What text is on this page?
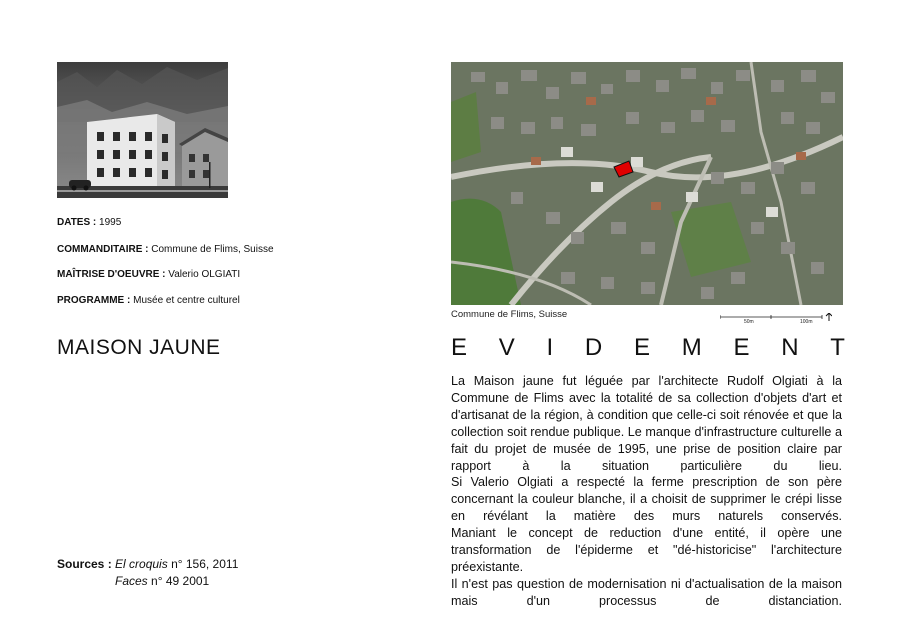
DATES : 1995
COMMANDITAIRE : Commune de Flims, Suisse
MAÎTRISE D'OEUVRE : Valerio OLGIATI
PROGRAMME : Musée et centre culturel
MAISON JAUNE
Sources : El croquis n° 156, 2011
Faces n° 49 2001
Commune de Flims, Suisse
50m	100m
E V I D E M E N T

La Maison jaune fut léguée par l'architecte Rudolf Olgiati à la Commune de Flims avec la totalité de sa collection d'objets d'art et d'artisanat de la région, à condition que celle-ci soit rénovée et que la collection soit rendue publique. Le manque d'infrastructure culturelle a fait du projet de musée de 1995, une prise de position claire par rapport à la situation particulière du lieu.

Si Valerio Olgiati a respecté la ferme prescription de son père concernant la couleur blanche, il a choisit de supprimer le crépi lisse en révélant la matière des murs naturels conservés.

Maniant le concept de reduction d'une entité, il opère une transformation de l'épiderme et "dé-historicise" l'architecture préexistante.

Il n'est pas question de modernisation ni d'actualisation de la maison mais d'un processus de distanciation.
